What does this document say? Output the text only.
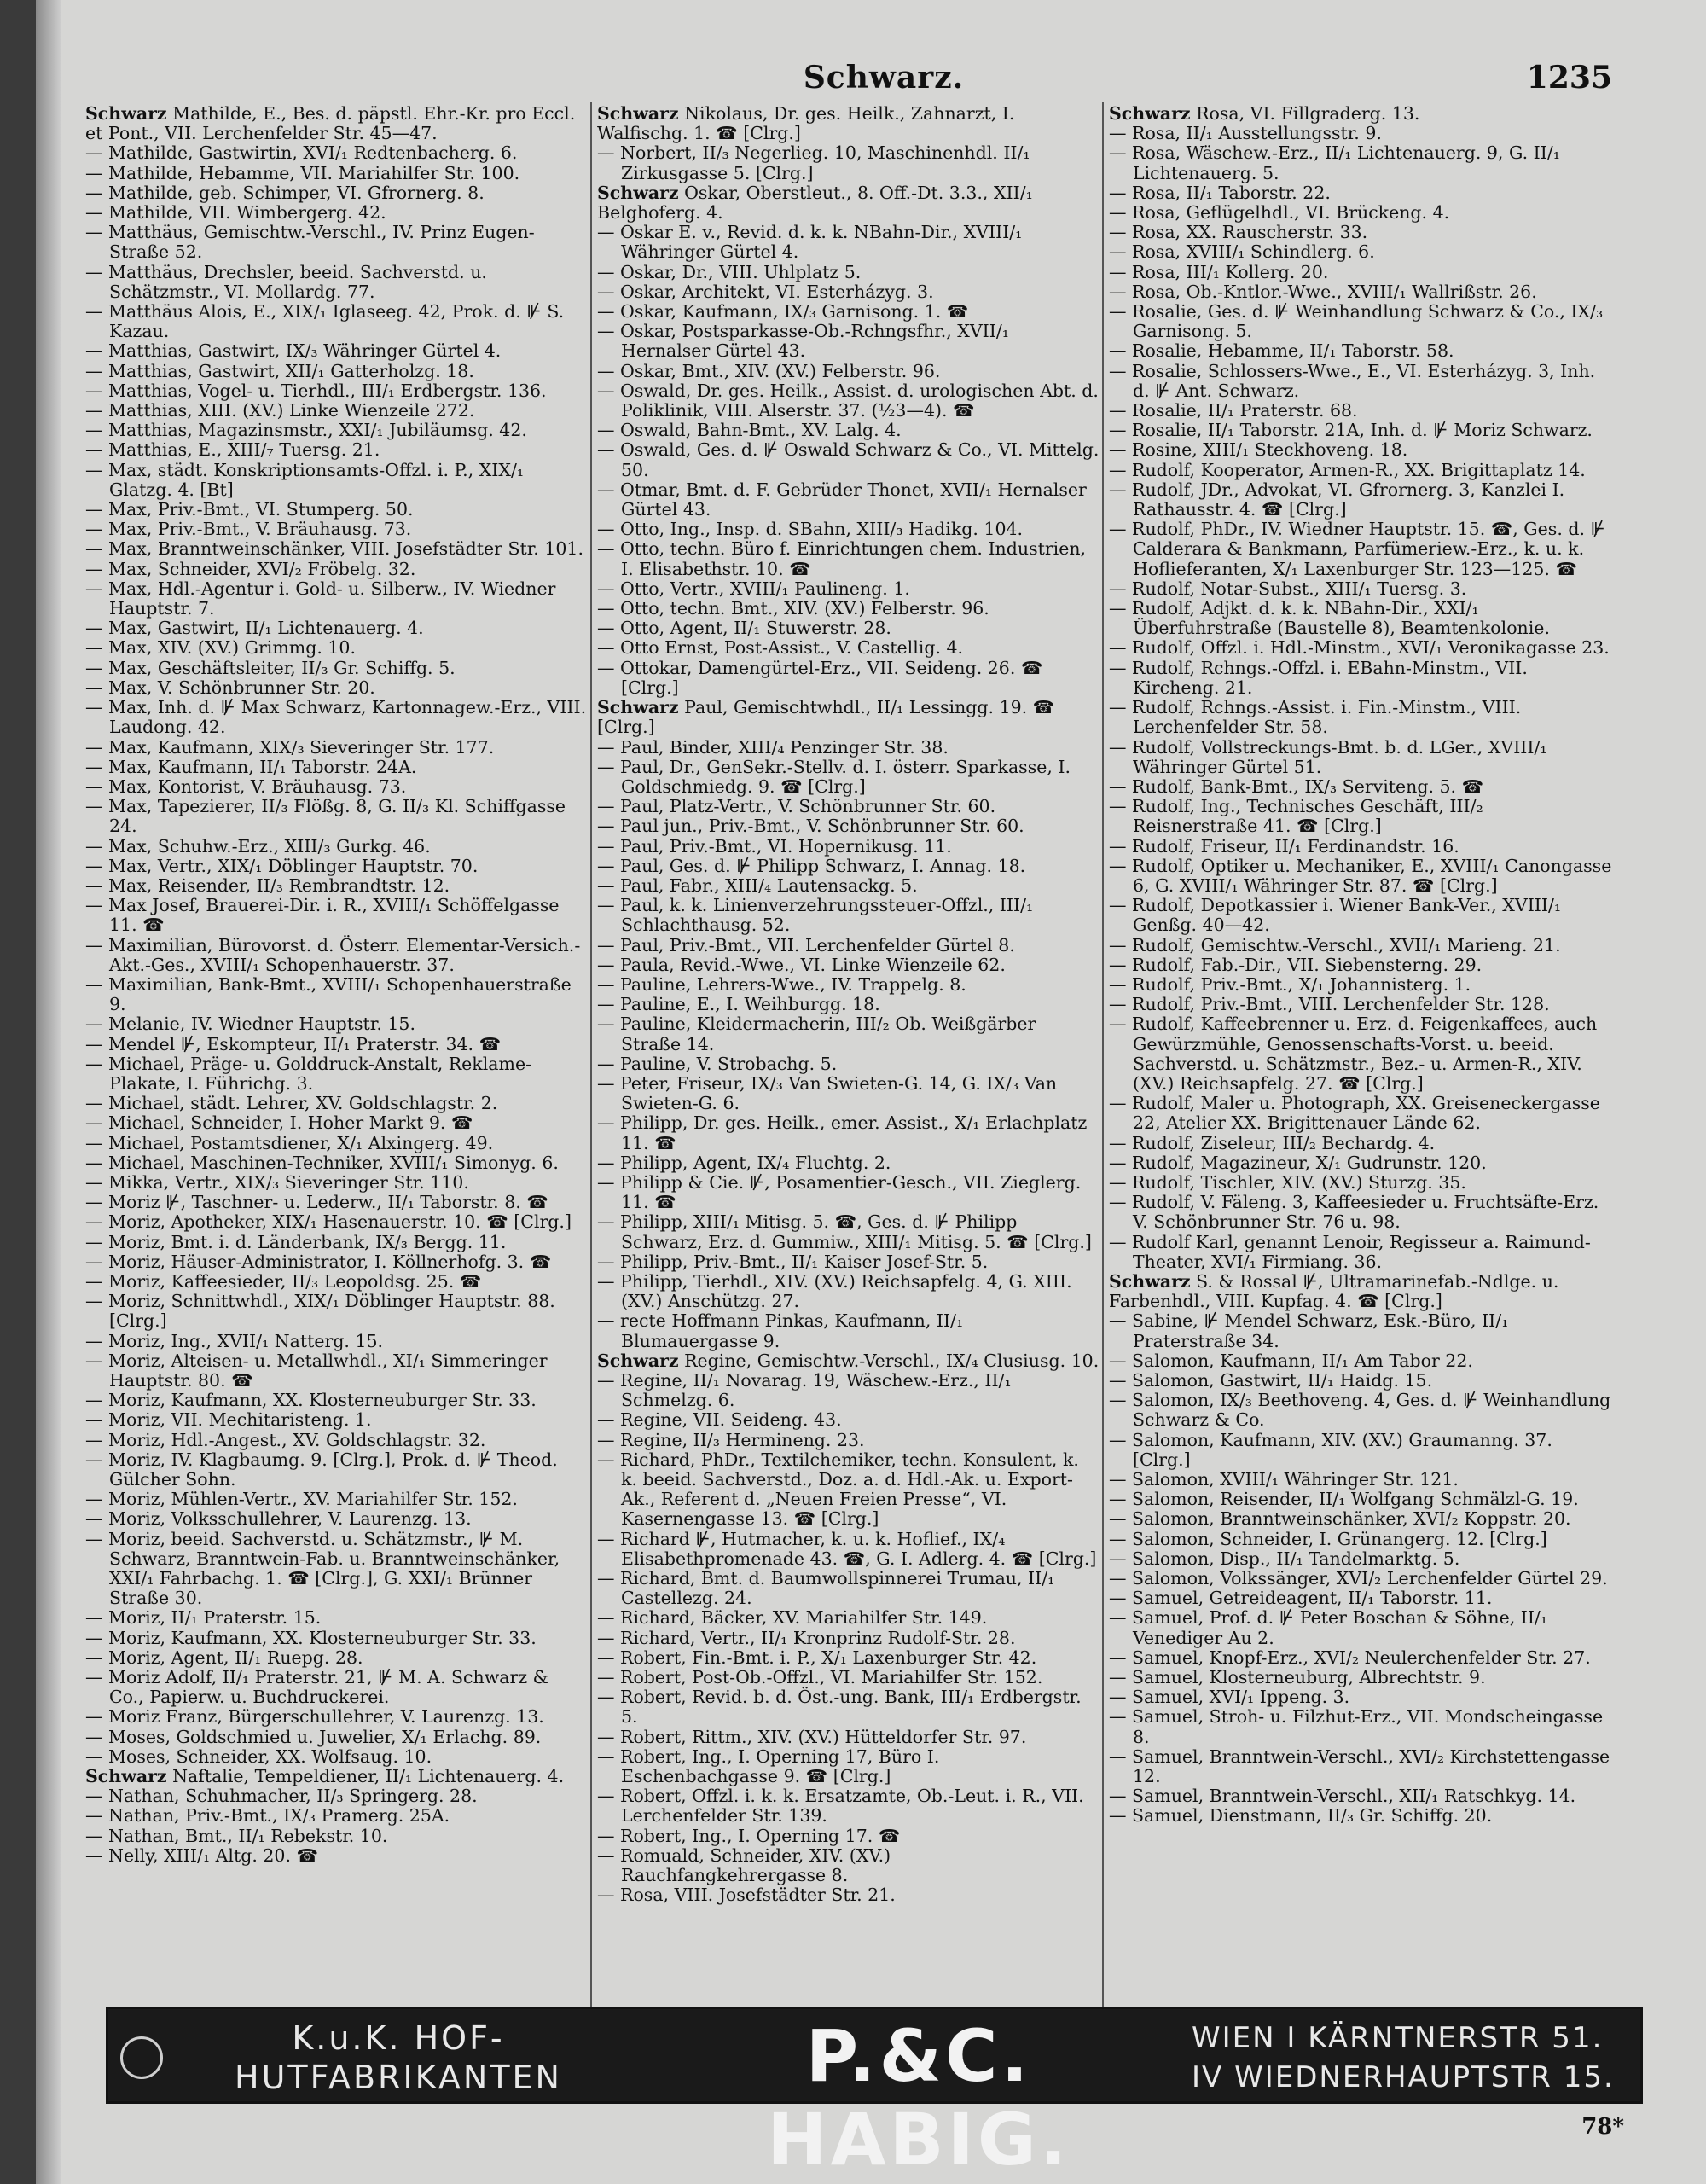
Schwarz.	1235

Schwarz Mathilde, E., Bes. d. päpstl. Ehr.-Kr. pro Eccl. et Pont., VII. Lerchenfelder Str. 45—47.

— Mathilde, Gastwirtin, XVI/₁ Redtenbacherg. 6.

— Mathilde, Hebamme, VII. Mariahilfer Str. 100.

— Mathilde, geb. Schimper, VI. Gfrornerg. 8.

— Mathilde, VII. Wimbergerg. 42.

— Matthäus, Gemischtw.-Verschl., IV. Prinz Eugen-Straße 52.

— Matthäus, Drechsler, beeid. Sachverstd. u. Schätzmstr., VI. Mollardg. 77.

— Matthäus Alois, E., XIX/₁ Iglaseeg. 42, Prok. d. ⊮ S. Kazau.

— Matthias, Gastwirt, IX/₃ Währinger Gürtel 4.

— Matthias, Gastwirt, XII/₁ Gatterholzg. 18.

— Matthias, Vogel- u. Tierhdl., III/₁ Erdbergstr. 136.

— Matthias, XIII. (XV.) Linke Wienzeile 272.

— Matthias, Magazinsmstr., XXI/₁ Jubiläumsg. 42.

— Matthias, E., XIII/₇ Tuersg. 21.

— Max, städt. Konskriptionsamts-Offzl. i. P., XIX/₁ Glatzg. 4. [Bt]

— Max, Priv.-Bmt., VI. Stumperg. 50.

— Max, Priv.-Bmt., V. Bräuhausg. 73.

— Max, Branntweinschänker, VIII. Josefstädter Str. 101.

— Max, Schneider, XVI/₂ Fröbelg. 32.

— Max, Hdl.-Agentur i. Gold- u. Silberw., IV. Wiedner Hauptstr. 7.

— Max, Gastwirt, II/₁ Lichtenauerg. 4.

— Max, XIV. (XV.) Grimmg. 10.

— Max, Geschäftsleiter, II/₃ Gr. Schiffg. 5.

— Max, V. Schönbrunner Str. 20.

— Max, Inh. d. ⊮ Max Schwarz, Kartonnagew.-Erz., VIII. Laudong. 42.

— Max, Kaufmann, XIX/₃ Sieveringer Str. 177.

— Max, Kaufmann, II/₁ Taborstr. 24A.

— Max, Kontorist, V. Bräuhausg. 73.

— Max, Tapezierer, II/₃ Flößg. 8, G. II/₃ Kl. Schiffgasse 24.

— Max, Schuhw.-Erz., XIII/₃ Gurkg. 46.

— Max, Vertr., XIX/₁ Döblinger Hauptstr. 70.

— Max, Reisender, II/₃ Rembrandtstr. 12.

— Max Josef, Brauerei-Dir. i. R., XVIII/₁ Schöffelgasse 11. ☎

— Maximilian, Bürovorst. d. Österr. Elementar-Versich.-Akt.-Ges., XVIII/₁ Schopenhauerstr. 37.

— Maximilian, Bank-Bmt., XVIII/₁ Schopenhauerstraße 9.

— Melanie, IV. Wiedner Hauptstr. 15.

— Mendel ⊮, Eskompteur, II/₁ Praterstr. 34. ☎

— Michael, Präge- u. Golddruck-Anstalt, Reklame-Plakate, I. Führichg. 3.

— Michael, städt. Lehrer, XV. Goldschlagstr. 2.

— Michael, Schneider, I. Hoher Markt 9. ☎

— Michael, Postamtsdiener, X/₁ Alxingerg. 49.

— Michael, Maschinen-Techniker, XVIII/₁ Simonyg. 6.

— Mikka, Vertr., XIX/₃ Sieveringer Str. 110.

— Moriz ⊮, Taschner- u. Lederw., II/₁ Taborstr. 8. ☎

— Moriz, Apotheker, XIX/₁ Hasenauerstr. 10. ☎ [Clrg.]

— Moriz, Bmt. i. d. Länderbank, IX/₃ Bergg. 11.

— Moriz, Häuser-Administrator, I. Köllnerhofg. 3. ☎

— Moriz, Kaffeesieder, II/₃ Leopoldsg. 25. ☎

— Moriz, Schnittwhdl., XIX/₁ Döblinger Hauptstr. 88. [Clrg.]

— Moriz, Ing., XVII/₁ Natterg. 15.

— Moriz, Alteisen- u. Metallwhdl., XI/₁ Simmeringer Hauptstr. 80. ☎

— Moriz, Kaufmann, XX. Klosterneuburger Str. 33.

— Moriz, VII. Mechitaristeng. 1.

— Moriz, Hdl.-Angest., XV. Goldschlagstr. 32.

— Moriz, IV. Klagbaumg. 9. [Clrg.], Prok. d. ⊮ Theod. Gülcher Sohn.

— Moriz, Mühlen-Vertr., XV. Mariahilfer Str. 152.

— Moriz, Volksschullehrer, V. Laurenzg. 13.

— Moriz, beeid. Sachverstd. u. Schätzmstr., ⊮ M. Schwarz, Branntwein-Fab. u. Branntweinschänker, XXI/₁ Fahrbachg. 1. ☎ [Clrg.], G. XXI/₁ Brünner Straße 30.

— Moriz, II/₁ Praterstr. 15.

— Moriz, Kaufmann, XX. Klosterneuburger Str. 33.

— Moriz, Agent, II/₁ Ruepg. 28.

— Moriz Adolf, II/₁ Praterstr. 21, ⊮ M. A. Schwarz & Co., Papierw. u. Buchdruckerei.

— Moriz Franz, Bürgerschullehrer, V. Laurenzg. 13.

— Moses, Goldschmied u. Juwelier, X/₁ Erlachg. 89.

— Moses, Schneider, XX. Wolfsaug. 10.

Schwarz Naftalie, Tempeldiener, II/₁ Lichtenauerg. 4.

— Nathan, Schuhmacher, II/₃ Springerg. 28.

— Nathan, Priv.-Bmt., IX/₃ Pramerg. 25A.

— Nathan, Bmt., II/₁ Rebekstr. 10.

— Nelly, XIII/₁ Altg. 20. ☎

Schwarz Nikolaus, Dr. ges. Heilk., Zahnarzt, I. Walfischg. 1. ☎ [Clrg.]

— Norbert, II/₃ Negerlieg. 10, Maschinenhdl. II/₁ Zirkusgasse 5. [Clrg.]

Schwarz Oskar, Oberstleut., 8. Off.-Dt. 3.3., XII/₁ Belghoferg. 4.

— Oskar E. v., Revid. d. k. k. NBahn-Dir., XVIII/₁ Währinger Gürtel 4.

— Oskar, Dr., VIII. Uhlplatz 5.

— Oskar, Architekt, VI. Esterházyg. 3.

— Oskar, Kaufmann, IX/₃ Garnisong. 1. ☎

— Oskar, Postsparkasse-Ob.-Rchngsfhr., XVII/₁ Hernalser Gürtel 43.

— Oskar, Bmt., XIV. (XV.) Felberstr. 96.

— Oswald, Dr. ges. Heilk., Assist. d. urologischen Abt. d. Poliklinik, VIII. Alserstr. 37. (½3—4). ☎

— Oswald, Bahn-Bmt., XV. Lalg. 4.

— Oswald, Ges. d. ⊮ Oswald Schwarz & Co., VI. Mittelg. 50.

— Otmar, Bmt. d. F. Gebrüder Thonet, XVII/₁ Hernalser Gürtel 43.

— Otto, Ing., Insp. d. SBahn, XIII/₃ Hadikg. 104.

— Otto, techn. Büro f. Einrichtungen chem. Industrien, I. Elisabethstr. 10. ☎

— Otto, Vertr., XVIII/₁ Paulineng. 1.

— Otto, techn. Bmt., XIV. (XV.) Felberstr. 96.

— Otto, Agent, II/₁ Stuwerstr. 28.

— Otto Ernst, Post-Assist., V. Castellig. 4.

— Ottokar, Damengürtel-Erz., VII. Seideng. 26. ☎ [Clrg.]

Schwarz Paul, Gemischtwhdl., II/₁ Lessingg. 19. ☎ [Clrg.]

— Paul, Binder, XIII/₄ Penzinger Str. 38.

— Paul, Dr., GenSekr.-Stellv. d. I. österr. Sparkasse, I. Goldschmiedg. 9. ☎ [Clrg.]

— Paul, Platz-Vertr., V. Schönbrunner Str. 60.

— Paul jun., Priv.-Bmt., V. Schönbrunner Str. 60.

— Paul, Priv.-Bmt., VI. Hopernikusg. 11.

— Paul, Ges. d. ⊮ Philipp Schwarz, I. Annag. 18.

— Paul, Fabr., XIII/₄ Lautensackg. 5.

— Paul, k. k. Linienverzehrungssteuer-Offzl., III/₁ Schlachthausg. 52.

— Paul, Priv.-Bmt., VII. Lerchenfelder Gürtel 8.

— Paula, Revid.-Wwe., VI. Linke Wienzeile 62.

— Pauline, Lehrers-Wwe., IV. Trappelg. 8.

— Pauline, E., I. Weihburgg. 18.

— Pauline, Kleidermacherin, III/₂ Ob. Weißgärber Straße 14.

— Pauline, V. Strobachg. 5.

— Peter, Friseur, IX/₃ Van Swieten-G. 14, G. IX/₃ Van Swieten-G. 6.

— Philipp, Dr. ges. Heilk., emer. Assist., X/₁ Erlachplatz 11. ☎

— Philipp, Agent, IX/₄ Fluchtg. 2.

— Philipp & Cie. ⊮, Posamentier-Gesch., VII. Zieglerg. 11. ☎

— Philipp, XIII/₁ Mitisg. 5. ☎, Ges. d. ⊮ Philipp Schwarz, Erz. d. Gummiw., XIII/₁ Mitisg. 5. ☎ [Clrg.]

— Philipp, Priv.-Bmt., II/₁ Kaiser Josef-Str. 5.

— Philipp, Tierhdl., XIV. (XV.) Reichsapfelg. 4, G. XIII. (XV.) Anschützg. 27.

— recte Hoffmann Pinkas, Kaufmann, II/₁ Blumauergasse 9.

Schwarz Regine, Gemischtw.-Verschl., IX/₄ Clusiusg. 10.

— Regine, II/₁ Novarag. 19, Wäschew.-Erz., II/₁ Schmelzg. 6.

— Regine, VII. Seideng. 43.

— Regine, II/₃ Hermineng. 23.

— Richard, PhDr., Textilchemiker, techn. Konsulent, k. k. beeid. Sachverstd., Doz. a. d. Hdl.-Ak. u. Export-Ak., Referent d. „Neuen Freien Presse“, VI. Kasernengasse 13. ☎ [Clrg.]

— Richard ⊮, Hutmacher, k. u. k. Hoflief., IX/₄ Elisabethpromenade 43. ☎, G. I. Adlerg. 4. ☎ [Clrg.]

— Richard, Bmt. d. Baumwollspinnerei Trumau, II/₁ Castellezg. 24.

— Richard, Bäcker, XV. Mariahilfer Str. 149.

— Richard, Vertr., II/₁ Kronprinz Rudolf-Str. 28.

— Robert, Fin.-Bmt. i. P., X/₁ Laxenburger Str. 42.

— Robert, Post-Ob.-Offzl., VI. Mariahilfer Str. 152.

— Robert, Revid. b. d. Öst.-ung. Bank, III/₁ Erdbergstr. 5.

— Robert, Rittm., XIV. (XV.) Hütteldorfer Str. 97.

— Robert, Ing., I. Operning 17, Büro I. Eschenbachgasse 9. ☎ [Clrg.]

— Robert, Offzl. i. k. k. Ersatzamte, Ob.-Leut. i. R., VII. Lerchenfelder Str. 139.

— Robert, Ing., I. Operning 17. ☎

— Romuald, Schneider, XIV. (XV.) Rauchfangkehrergasse 8.

— Rosa, VIII. Josefstädter Str. 21.

Schwarz Rosa, VI. Fillgraderg. 13.

— Rosa, II/₁ Ausstellungsstr. 9.

— Rosa, Wäschew.-Erz., II/₁ Lichtenauerg. 9, G. II/₁ Lichtenauerg. 5.

— Rosa, II/₁ Taborstr. 22.

— Rosa, Geflügelhdl., VI. Brückeng. 4.

— Rosa, XX. Rauscherstr. 33.

— Rosa, XVIII/₁ Schindlerg. 6.

— Rosa, III/₁ Kollerg. 20.

— Rosa, Ob.-Kntlor.-Wwe., XVIII/₁ Wallrißstr. 26.

— Rosalie, Ges. d. ⊮ Weinhandlung Schwarz & Co., IX/₃ Garnisong. 5.

— Rosalie, Hebamme, II/₁ Taborstr. 58.

— Rosalie, Schlossers-Wwe., E., VI. Esterházyg. 3, Inh. d. ⊮ Ant. Schwarz.

— Rosalie, II/₁ Praterstr. 68.

— Rosalie, II/₁ Taborstr. 21A, Inh. d. ⊮ Moriz Schwarz.

— Rosine, XIII/₁ Steckhoveng. 18.

— Rudolf, Kooperator, Armen-R., XX. Brigittaplatz 14.

— Rudolf, JDr., Advokat, VI. Gfrornerg. 3, Kanzlei I. Rathausstr. 4. ☎ [Clrg.]

— Rudolf, PhDr., IV. Wiedner Hauptstr. 15. ☎, Ges. d. ⊮ Calderara & Bankmann, Parfümeriew.-Erz., k. u. k. Hoflieferanten, X/₁ Laxenburger Str. 123—125. ☎

— Rudolf, Notar-Subst., XIII/₁ Tuersg. 3.

— Rudolf, Adjkt. d. k. k. NBahn-Dir., XXI/₁ Überfuhrstraße (Baustelle 8), Beamtenkolonie.

— Rudolf, Offzl. i. Hdl.-Minstm., XVI/₁ Veronikagasse 23.

— Rudolf, Rchngs.-Offzl. i. EBahn-Minstm., VII. Kircheng. 21.

— Rudolf, Rchngs.-Assist. i. Fin.-Minstm., VIII. Lerchenfelder Str. 58.

— Rudolf, Vollstreckungs-Bmt. b. d. LGer., XVIII/₁ Währinger Gürtel 51.

— Rudolf, Bank-Bmt., IX/₃ Serviteng. 5. ☎

— Rudolf, Ing., Technisches Geschäft, III/₂ Reisnerstraße 41. ☎ [Clrg.]

— Rudolf, Friseur, II/₁ Ferdinandstr. 16.

— Rudolf, Optiker u. Mechaniker, E., XVIII/₁ Canongasse 6, G. XVIII/₁ Währinger Str. 87. ☎ [Clrg.]

— Rudolf, Depotkassier i. Wiener Bank-Ver., XVIII/₁ Genßg. 40—42.

— Rudolf, Gemischtw.-Verschl., XVII/₁ Marieng. 21.

— Rudolf, Fab.-Dir., VII. Siebensterng. 29.

— Rudolf, Priv.-Bmt., X/₁ Johannisterg. 1.

— Rudolf, Priv.-Bmt., VIII. Lerchenfelder Str. 128.

— Rudolf, Kaffeebrenner u. Erz. d. Feigenkaffees, auch Gewürzmühle, Genossenschafts-Vorst. u. beeid. Sachverstd. u. Schätzmstr., Bez.- u. Armen-R., XIV. (XV.) Reichsapfelg. 27. ☎ [Clrg.]

— Rudolf, Maler u. Photograph, XX. Greiseneckergasse 22, Atelier XX. Brigittenauer Lände 62.

— Rudolf, Ziseleur, III/₂ Bechardg. 4.

— Rudolf, Magazineur, X/₁ Gudrunstr. 120.

— Rudolf, Tischler, XIV. (XV.) Sturzg. 35.

— Rudolf, V. Fäleng. 3, Kaffeesieder u. Fruchtsäfte-Erz. V. Schönbrunner Str. 76 u. 98.

— Rudolf Karl, genannt Lenoir, Regisseur a. Raimund-Theater, XVI/₁ Firmiang. 36.

Schwarz S. & Rossal ⊮, Ultramarinefab.-Ndlge. u. Farbenhdl., VIII. Kupfag. 4. ☎ [Clrg.]

— Sabine, ⊮ Mendel Schwarz, Esk.-Büro, II/₁ Praterstraße 34.

— Salomon, Kaufmann, II/₁ Am Tabor 22.

— Salomon, Gastwirt, II/₁ Haidg. 15.

— Salomon, IX/₃ Beethoveng. 4, Ges. d. ⊮ Weinhandlung Schwarz & Co.

— Salomon, Kaufmann, XIV. (XV.) Graumanng. 37. [Clrg.]

— Salomon, XVIII/₁ Währinger Str. 121.

— Salomon, Reisender, II/₁ Wolfgang Schmälzl-G. 19.

— Salomon, Branntweinschänker, XVI/₂ Koppstr. 20.

— Salomon, Schneider, I. Grünangerg. 12. [Clrg.]

— Salomon, Disp., II/₁ Tandelmarktg. 5.

— Salomon, Volkssänger, XVI/₂ Lerchenfelder Gürtel 29.

— Samuel, Getreideagent, II/₁ Taborstr. 11.

— Samuel, Prof. d. ⊮ Peter Boschan & Söhne, II/₁ Venediger Au 2.

— Samuel, Knopf-Erz., XVI/₂ Neulerchenfelder Str. 27.

— Samuel, Klosterneuburg, Albrechtstr. 9.

— Samuel, XVI/₁ Ippeng. 3.

— Samuel, Stroh- u. Filzhut-Erz., VII. Mondscheingasse 8.

— Samuel, Branntwein-Verschl., XVI/₂ Kirchstettengasse 12.

— Samuel, Branntwein-Verschl., XII/₁ Ratschkyg. 14.

— Samuel, Dienstmann, II/₃ Gr. Schiffg. 20.

K.u.K. HOF-
HUTFABRIKANTEN	P.&C. HABIG.
WIEN I KÄRNTNERSTR 51.
IV WIEDNERHAUPTSTR 15.
78*
